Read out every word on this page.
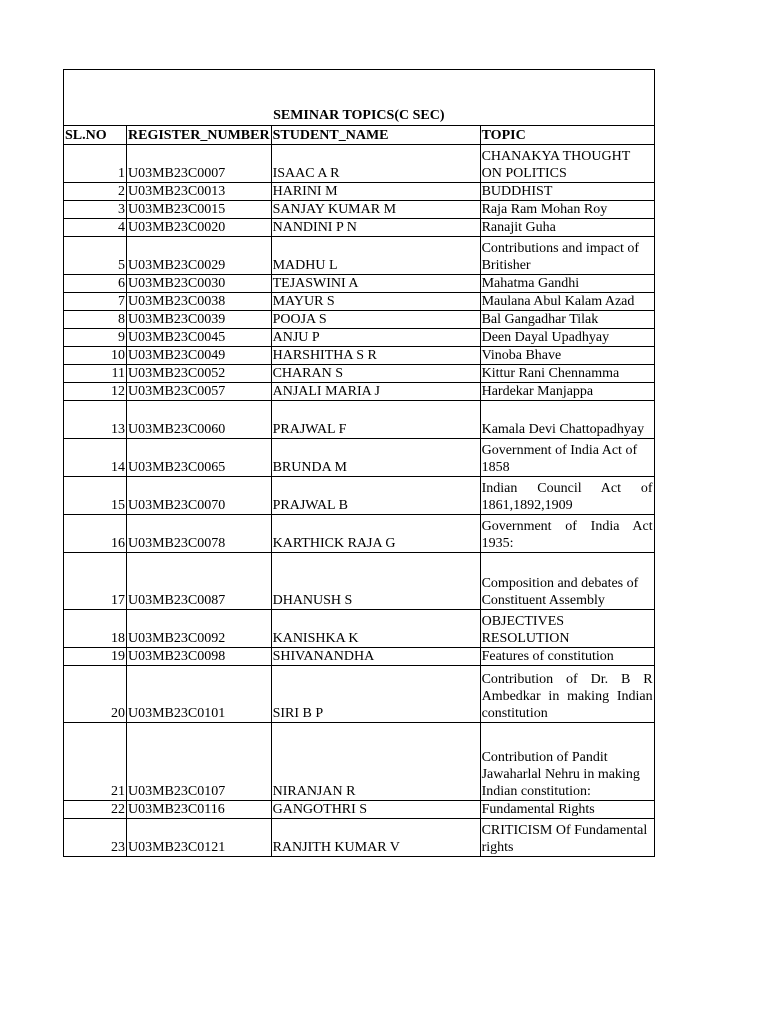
SEMINAR TOPICS(C SEC)			
SL.NO	REGISTER_NUMBER	STUDENT_NAME	TOPIC
1	U03MB23C0007	ISAAC A R	CHANAKYA THOUGHT ON POLITICS
2	U03MB23C0013	HARINI M	BUDDHIST
3	U03MB23C0015	SANJAY KUMAR M	Raja Ram Mohan Roy
4	U03MB23C0020	NANDINI P N	Ranajit Guha
5	U03MB23C0029	MADHU L	Contributions and impact of Britisher
6	U03MB23C0030	TEJASWINI A	Mahatma Gandhi
7	U03MB23C0038	MAYUR S	Maulana Abul Kalam Azad
8	U03MB23C0039	POOJA S	Bal Gangadhar Tilak
9	U03MB23C0045	ANJU P	Deen Dayal Upadhyay
10	U03MB23C0049	HARSHITHA S R	Vinoba Bhave
11	U03MB23C0052	CHARAN S	Kittur Rani Chennamma
12	U03MB23C0057	ANJALI MARIA J	Hardekar Manjappa
13	U03MB23C0060	PRAJWAL F	Kamala Devi Chattopadhyay
14	U03MB23C0065	BRUNDA M	Government of India Act of 1858
15	U03MB23C0070	PRAJWAL B	Indian Council Act of 1861,1892,1909
16	U03MB23C0078	KARTHICK RAJA G	Government of India Act 1935:
17	U03MB23C0087	DHANUSH S	Composition and debates of Constituent Assembly
18	U03MB23C0092	KANISHKA K	OBJECTIVES RESOLUTION
19	U03MB23C0098	SHIVANANDHA	Features of constitution
20	U03MB23C0101	SIRI B P	Contribution of Dr. B R Ambedkar in making Indian constitution
21	U03MB23C0107	NIRANJAN R	Contribution of Pandit Jawaharlal Nehru in making Indian constitution:
22	U03MB23C0116	GANGOTHRI S	Fundamental Rights
23	U03MB23C0121	RANJITH KUMAR V	CRITICISM Of Fundamental rights
